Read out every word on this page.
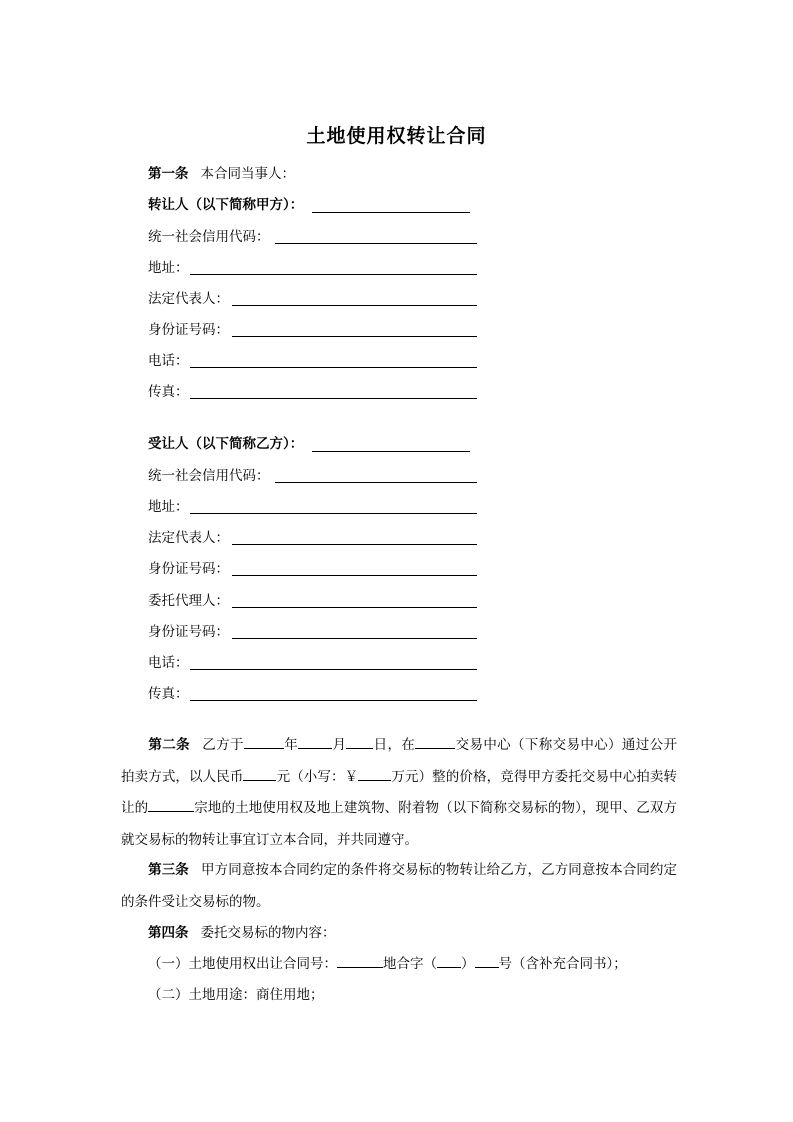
土地使用权转让合同
第一条 本合同当事人：
转让人（以下简称甲方）：
统一社会信用代码：
地址：
法定代表人：
身份证号码：
电话：
传真：
受让人（以下简称乙方）：
统一社会信用代码：
地址：
法定代表人：
身份证号码：
委托代理人：
身份证号码：
电话：
传真：
第二条 乙方于	年	月 日，在	交易中心（下称交易中心）通过公开拍卖方式，以人民币 元（小写：￥ 万元）整的价格，竞得甲方委托交易中心拍卖转让的	宗地的土地使用权及地上建筑物、附着物（以下简称交易标的物），现甲、乙双方就交易标的物转让事宜订立本合同，并共同遵守。
第三条 甲方同意按本合同约定的条件将交易标的物转让给乙方，乙方同意按本合同约定的条件受让交易标的物。
第四条 委托交易标的物内容：
（一）土地使用权出让合同号：	地合字（ ） 号（含补充合同书）；
（二）土地用途：商住用地；
